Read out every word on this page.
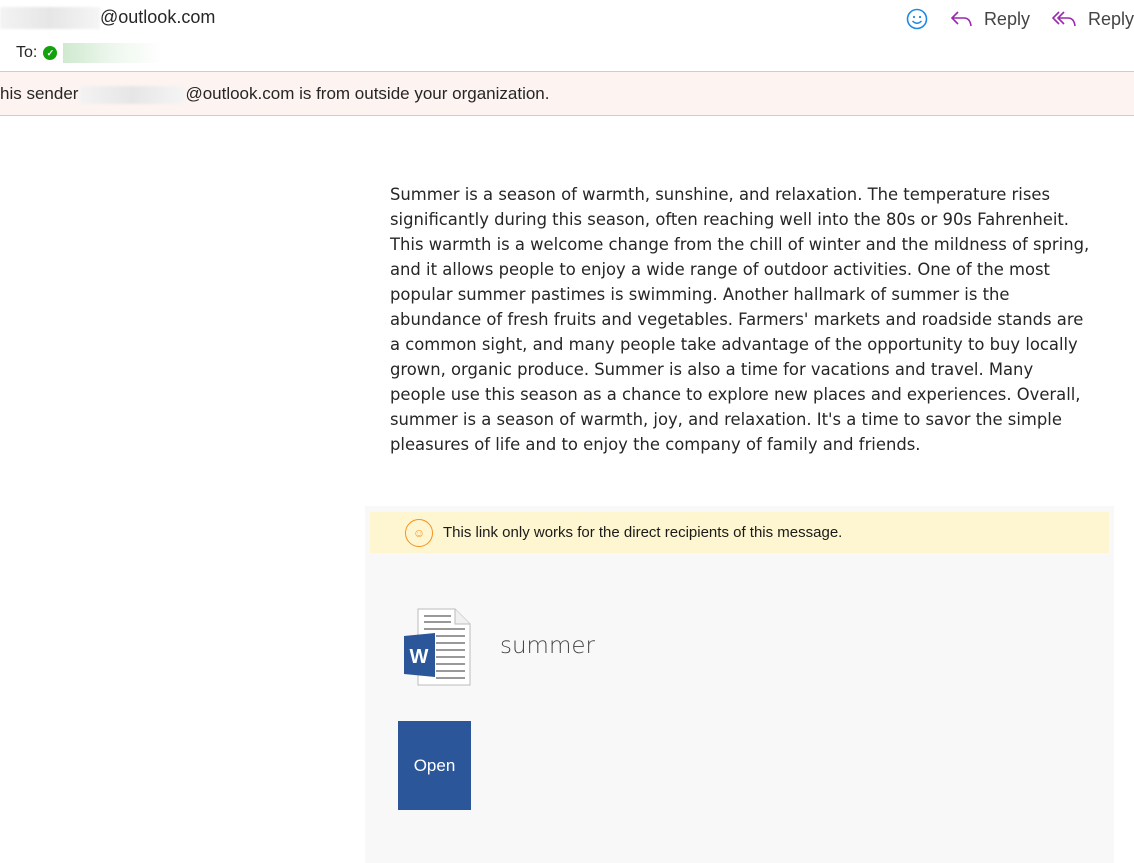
@outlook.com
To:	✓
Reply	Reply
his sender	@outlook.com is from outside your organization.
Summer is a season of warmth, sunshine, and relaxation. The temperature rises
significantly during this season, often reaching well into the 80s or 90s Fahrenheit.
This warmth is a welcome change from the chill of winter and the mildness of spring,
and it allows people to enjoy a wide range of outdoor activities. One of the most
popular summer pastimes is swimming. Another hallmark of summer is the
abundance of fresh fruits and vegetables. Farmers' markets and roadside stands are
a common sight, and many people take advantage of the opportunity to buy locally
grown, organic produce. Summer is also a time for vacations and travel. Many
people use this season as a chance to explore new places and experiences. Overall,
summer is a season of warmth, joy, and relaxation. It's a time to savor the simple
pleasures of life and to enjoy the company of family and friends.
☺	This link only works for the direct recipients of this message.
W	summer
Open
